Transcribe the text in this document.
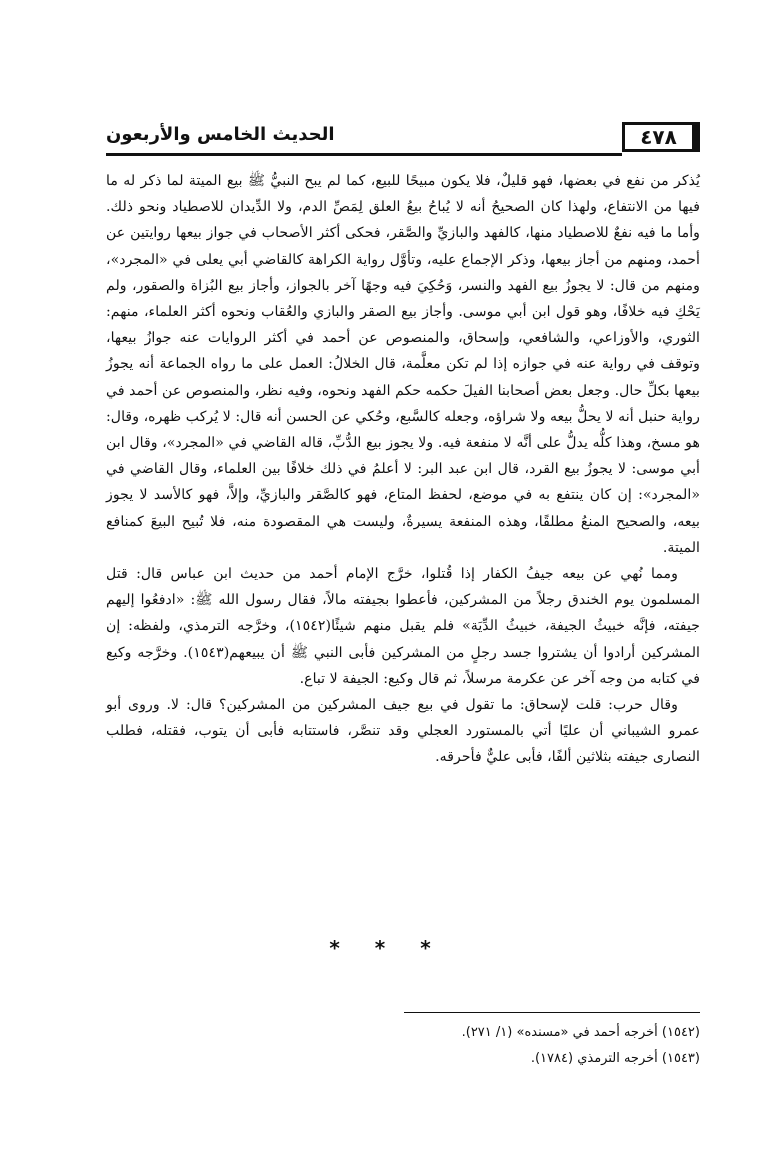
٤٧٨
الحديث الخامس والأربعون

يُذكر من نفع في بعضها، فهو قليلٌ، فلا يكون مبيحًا للبيع، كما لم يبح النبيُّ ﷺ بيع الميتة لما ذكر له ما فيها من الانتفاع، ولهذا كان الصحيحُ أنه لا يُباحُ بيعُ العلق لِمَصِّ الدم، ولا الدِّيدان للاصطياد ونحو ذلك. وأما ما فيه نفعٌ للاصطياد منها، كالفهد والبازيِّ والصَّقر، فحكى أكثر الأصحاب في جواز بيعها روايتين عن أحمد، ومنهم من أجاز بيعها، وذكر الإجماع عليه، وتأوَّل رواية الكراهة كالقاضي أبي يعلى في «المجرد»، ومنهم من قال: لا يجوزُ بيع الفهد والنسر، وَحُكِيَ فيه وجهًا آخر بالجواز، وأجاز بيع البُزاة والصقور، ولم يَحْكِ فيه خلافًا، وهو قول ابن أبي موسى. وأجاز بيع الصقر والبازي والعُقاب ونحوه أكثر العلماء، منهم: الثوري، والأوزاعي، والشافعي، وإسحاق، والمنصوص عن أحمد في أكثر الروايات عنه جوازُ بيعها، وتوقف في رواية عنه في جوازه إذا لم تكن معلَّمة، قال الخلالُ: العمل على ما رواه الجماعة أنه يجوزُ بيعها بكلِّ حال. وجعل بعض أصحابنا الفيلَ حكمه حكم الفهد ونحوه، وفيه نظر، والمنصوص عن أحمد في رواية حنبل أنه لا يحلُّ بيعه ولا شراؤه، وجعله كالسَّبع، وحُكي عن الحسن أنه قال: لا يُركب ظهره، وقال: هو مسخ، وهذا كلُّه يدلُّ على أنَّه لا منفعة فيه. ولا يجوز بيع الدُّبِّ، قاله القاضي في «المجرد»، وقال ابن أبي موسى: لا يجوزُ بيع القرد، قال ابن عبد البر: لا أعلمُ في ذلك خلافًا بين العلماء، وقال القاضي في «المجرد»: إن كان ينتفع به في موضع، لحفظ المتاع، فهو كالصَّقر والبازيِّ، وإلاَّ، فهو كالأسد لا يجوز بيعه، والصحيح المنعُ مطلقًا، وهذه المنفعة يسيرةٌ، وليست هي المقصودة منه، فلا تُبيح البيعَ كمنافع الميتة.

ومما نُهي عن بيعه جيفُ الكفار إذا قُتلوا، خرَّج الإمام أحمد من حديث ابن عباس قال: قتل المسلمون يوم الخندق رجلاً من المشركين، فأعطوا بجيفته مالاً، فقال رسول الله ﷺ: «ادفعُوا إليهم جيفته، فإنَّه خبيثُ الجيفة، خبيثُ الدِّيَة» فلم يقبل منهم شيئًا(١٥٤٢)، وخرَّجه الترمذي، ولفظه: إن المشركين أرادوا أن يشتروا جسد رجلٍ من المشركين فأبى النبي ﷺ أن يبيعهم(١٥٤٣). وخرَّجه وكيع في كتابه من وجه آخر عن عكرمة مرسلاً، ثم قال وكيع: الجيفة لا تباع.

وقال حرب: قلت لإسحاق: ما تقول في بيع جيف المشركين من المشركين؟ قال: لا. وروى أبو عمرو الشيباني أن عليًا أتي بالمستورد العجلي وقد تنصَّر، فاستتابه فأبى أن يتوب، فقتله، فطلب النصارى جيفته بثلاثين ألفًا، فأبى عليٌّ فأحرقه.

* * *
(١٥٤٢) أخرجه أحمد في «مسنده» (١/ ٢٧١).
(١٥٤٣) أخرجه الترمذي (١٧٨٤).
